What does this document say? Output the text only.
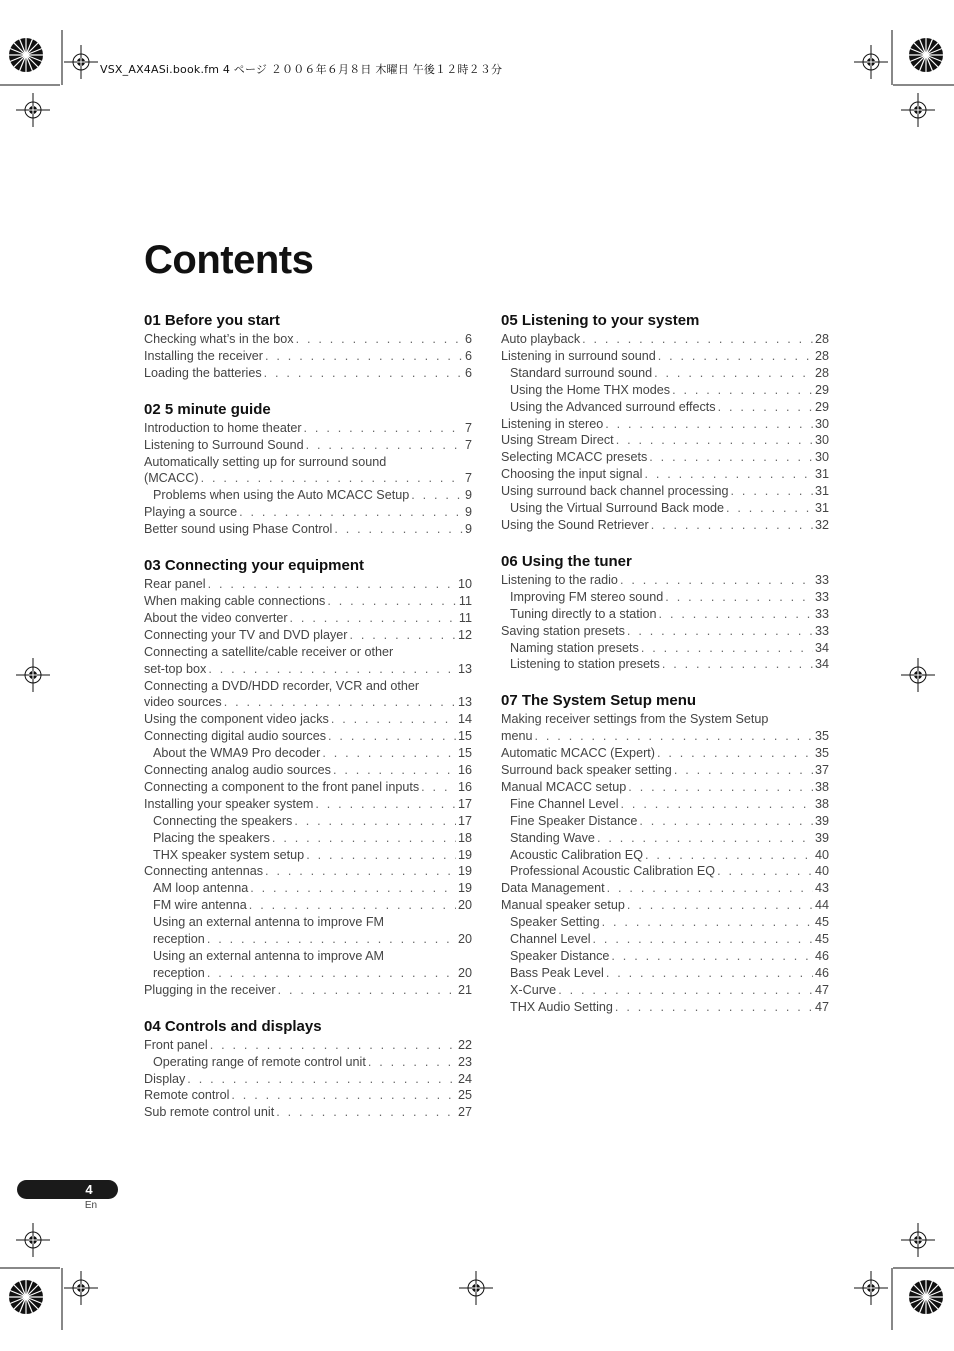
VSX_AX4ASi.book.fm 4 ページ ２００６年６月８日 木曜日 午後１２時２３分
Contents
01 Before you start
Checking what’s in the box . . .	6
Installing the receiver . . .	6
Loading the batteries . . .	6
02 5 minute guide
Introduction to home theater . . .	7
Listening to Surround Sound . . .	7
Automatically setting up for surround sound
(MCACC) . . .	7
Problems when using the Auto MCACC Setup . . .	9
Playing a source . . .	9
Better sound using Phase Control . . .	9
03 Connecting your equipment
Rear panel . . .	10
When making cable connections . . .	11
About the video converter . . .	11
Connecting your TV and DVD player . . .	12
Connecting a satellite/cable receiver or other
set-top box . . .	13
Connecting a DVD/HDD recorder, VCR and other
video sources . . .	13
Using the component video jacks . . .	14
Connecting digital audio sources . . .	15
About the WMA9 Pro decoder . . .	15
Connecting analog audio sources . . .	16
Connecting a component to the front panel inputs . . .	16
Installing your speaker system . . .	17
Connecting the speakers . . .	17
Placing the speakers . . .	18
THX speaker system setup . . .	19
Connecting antennas . . .	19
AM loop antenna . . .	19
FM wire antenna . . .	20
Using an external antenna to improve FM
reception . . .	20
Using an external antenna to improve AM
reception . . .	20
Plugging in the receiver . . .	21
04 Controls and displays
Front panel . . .	22
Operating range of remote control unit . . .	23
Display . . .	24
Remote control . . .	25
Sub remote control unit . . .	27
05 Listening to your system
Auto playback . . .	28
Listening in surround sound . . .	28
Standard surround sound . . .	28
Using the Home THX modes . . .	29
Using the Advanced surround effects . . .	29
Listening in stereo . . .	30
Using Stream Direct . . .	30
Selecting MCACC presets . . .	30
Choosing the input signal . . .	31
Using surround back channel processing . . .	31
Using the Virtual Surround Back mode . . .	31
Using the Sound Retriever . . .	32
06 Using the tuner
Listening to the radio . . .	33
Improving FM stereo sound . . .	33
Tuning directly to a station . . .	33
Saving station presets . . .	33
Naming station presets . . .	34
Listening to station presets . . .	34
07 The System Setup menu
Making receiver settings from the System Setup
menu . . .	35
Automatic MCACC (Expert) . . .	35
Surround back speaker setting . . .	37
Manual MCACC setup . . .	38
Fine Channel Level . . .	38
Fine Speaker Distance . . .	39
Standing Wave . . .	39
Acoustic Calibration EQ . . .	40
Professional Acoustic Calibration EQ . . .	40
Data Management . . .	43
Manual speaker setup . . .	44
Speaker Setting . . .	45
Channel Level . . .	45
Speaker Distance . . .	46
Bass Peak Level . . .	46
X-Curve . . .	47
THX Audio Setting . . .	47
4
En
